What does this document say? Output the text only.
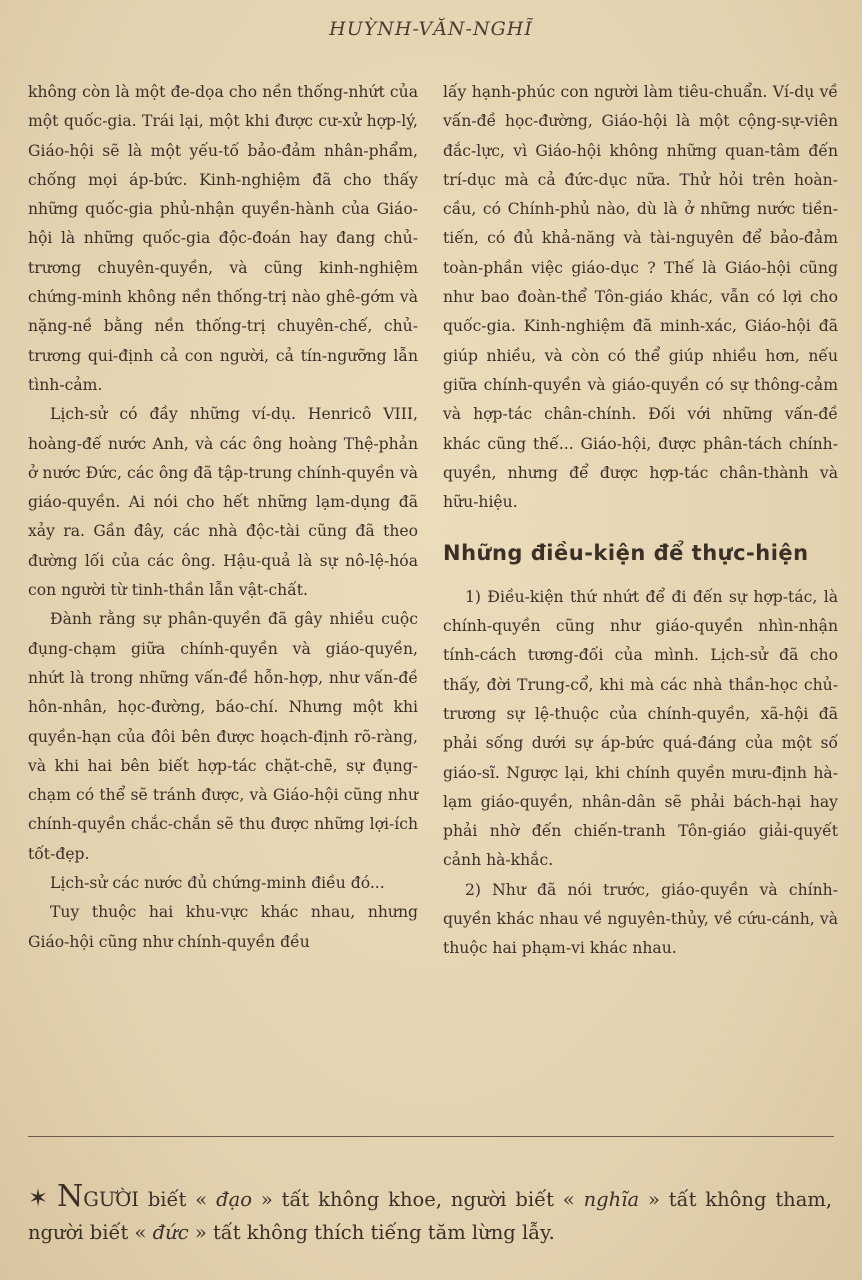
HUỲNH-VĂN-NGHĨ

không còn là một đe-dọa cho nền thống-nhứt của một quốc-gia. Trái lại, một khi được cư-xử hợp-lý, Giáo-hội sẽ là một yếu-tố bảo-đảm nhân-phẩm, chống mọi áp-bức. Kinh-nghiệm đã cho thấy những quốc-gia phủ-nhận quyền-hành của Giáo-hội là những quốc-gia độc-đoán hay đang chủ-trương chuyên-quyền, và cũng kinh-nghiệm chứng-minh không nền thống-trị nào ghê-gớm và nặng-nề bằng nền thống-trị chuyên-chế, chủ-trương qui-định cả con người, cả tín-ngưỡng lẫn tình-cảm.

Lịch-sử có đầy những ví-dụ. Henricô VIII, hoàng-đế nước Anh, và các ông hoàng Thệ-phản ở nước Đức, các ông đã tập-trung chính-quyền và giáo-quyền. Ai nói cho hết những lạm-dụng đã xảy ra. Gần đây, các nhà độc-tài cũng đã theo đường lối của các ông. Hậu-quả là sự nô-lệ-hóa con người từ tinh-thần lẫn vật-chất.

Đành rằng sự phân-quyền đã gây nhiều cuộc đụng-chạm giữa chính-quyền và giáo-quyền, nhứt là trong những vấn-đề hỗn-hợp, như vấn-đề hôn-nhân, học-đường, báo-chí. Nhưng một khi quyền-hạn của đôi bên được hoạch-định rõ-ràng, và khi hai bên biết hợp-tác chặt-chẽ, sự đụng-chạm có thể sẽ tránh được, và Giáo-hội cũng như chính-quyền chắc-chắn sẽ thu được những lợi-ích tốt-đẹp.

Lịch-sử các nước đủ chứng-minh điều đó...

Tuy thuộc hai khu-vực khác nhau, nhưng Giáo-hội cũng như chính-quyền đều

lấy hạnh-phúc con người làm tiêu-chuẩn. Ví-dụ về vấn-đề học-đường, Giáo-hội là một cộng-sự-viên đắc-lực, vì Giáo-hội không những quan-tâm đến trí-dục mà cả đức-dục nữa. Thử hỏi trên hoàn-cầu, có Chính-phủ nào, dù là ở những nước tiền-tiến, có đủ khả-năng và tài-nguyên để bảo-đảm toàn-phần việc giáo-dục ? Thế là Giáo-hội cũng như bao đoàn-thể Tôn-giáo khác, vẫn có lợi cho quốc-gia. Kinh-nghiệm đã minh-xác, Giáo-hội đã giúp nhiều, và còn có thể giúp nhiều hơn, nếu giữa chính-quyền và giáo-quyền có sự thông-cảm và hợp-tác chân-chính. Đối với những vấn-đề khác cũng thế... Giáo-hội, được phân-tách chính-quyền, nhưng để được hợp-tác chân-thành và hữu-hiệu.

Những điều-kiện để thực-hiện

1) Điều-kiện thứ nhứt để đi đến sự hợp-tác, là chính-quyền cũng như giáo-quyền nhìn-nhận tính-cách tương-đối của mình. Lịch-sử đã cho thấy, đời Trung-cổ, khi mà các nhà thần-học chủ-trương sự lệ-thuộc của chính-quyền, xã-hội đã phải sống dưới sự áp-bức quá-đáng của một số giáo-sĩ. Ngược lại, khi chính quyền mưu-định hà-lạm giáo-quyền, nhân-dân sẽ phải bách-hại hay phải nhờ đến chiến-tranh Tôn-giáo giải-quyết cảnh hà-khắc.

2) Như đã nói trước, giáo-quyền và chính-quyền khác nhau về nguyên-thủy, về cứu-cánh, và thuộc hai phạm-vi khác nhau.

✶ NGƯỜI biết « đạo » tất không khoe, người biết « nghĩa » tất không tham, người biết « đức » tất không thích tiếng tăm lừng lẫy.
